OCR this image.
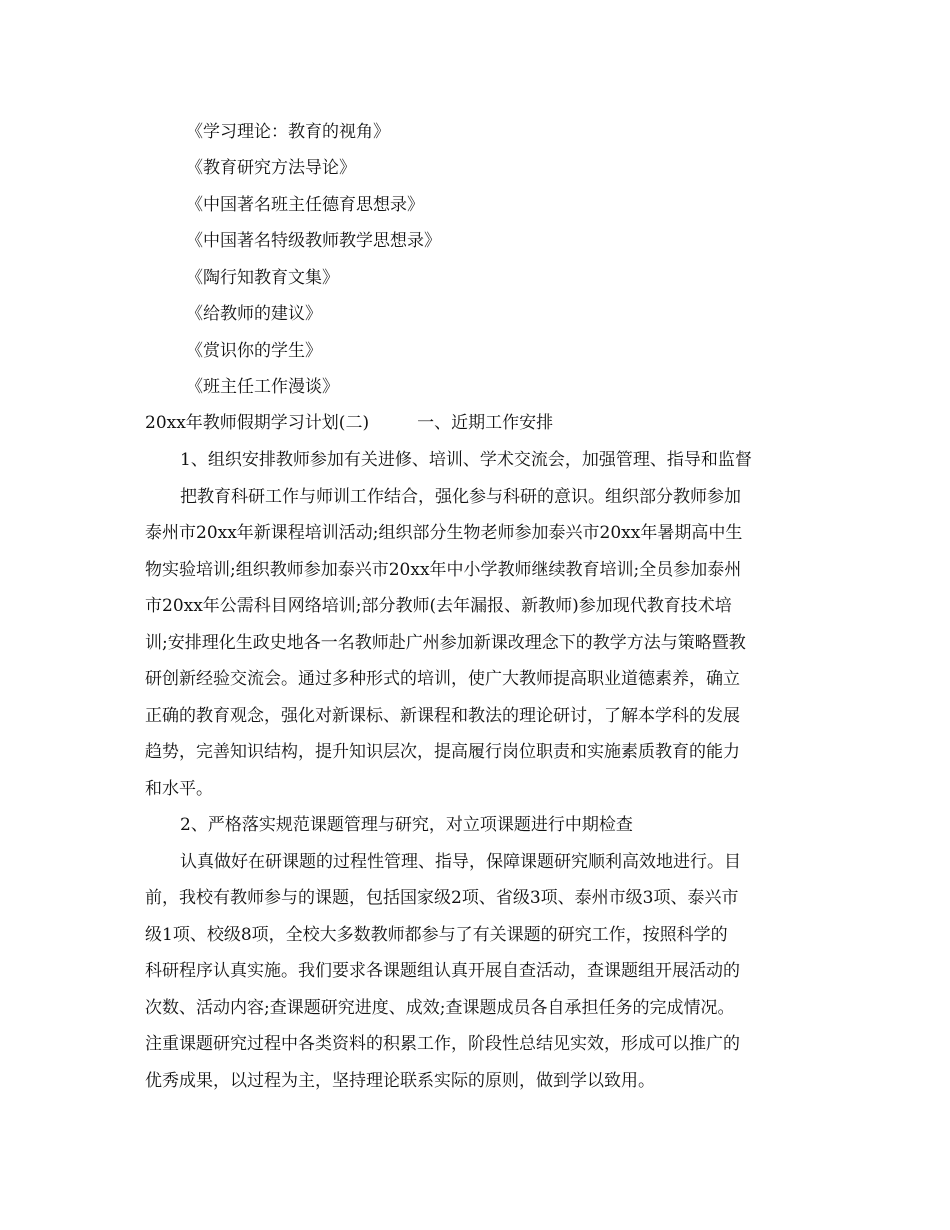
《学习理论：教育的视角》
《教育研究方法导论》
《中国著名班主任德育思想录》
《中国著名特级教师教学思想录》
《陶行知教育文集》
《给教师的建议》
《赏识你的学生》
《班主任工作漫谈》
20xx年教师假期学习计划(二)	一、近期工作安排
1、组织安排教师参加有关进修、培训、学术交流会，加强管理、指导和监督
把教育科研工作与师训工作结合，强化参与科研的意识。组织部分教师参加
泰州市20xx年新课程培训活动;组织部分生物老师参加泰兴市20xx年暑期高中生
物实验培训;组织教师参加泰兴市20xx年中小学教师继续教育培训;全员参加泰州
市20xx年公需科目网络培训;部分教师(去年漏报、新教师)参加现代教育技术培
训;安排理化生政史地各一名教师赴广州参加新课改理念下的教学方法与策略暨教
研创新经验交流会。通过多种形式的培训，使广大教师提高职业道德素养，确立
正确的教育观念，强化对新课标、新课程和教法的理论研讨，了解本学科的发展
趋势，完善知识结构，提升知识层次，提高履行岗位职责和实施素质教育的能力
和水平。
2、严格落实规范课题管理与研究，对立项课题进行中期检查
认真做好在研课题的过程性管理、指导，保障课题研究顺利高效地进行。目
前，我校有教师参与的课题，包括国家级2项、省级3项、泰州市级3项、泰兴市
级1项、校级8项，全校大多数教师都参与了有关课题的研究工作，按照科学的
科研程序认真实施。我们要求各课题组认真开展自查活动，查课题组开展活动的
次数、活动内容;查课题研究进度、成效;查课题成员各自承担任务的完成情况。
注重课题研究过程中各类资料的积累工作，阶段性总结见实效，形成可以推广的
优秀成果，以过程为主，坚持理论联系实际的原则，做到学以致用。
